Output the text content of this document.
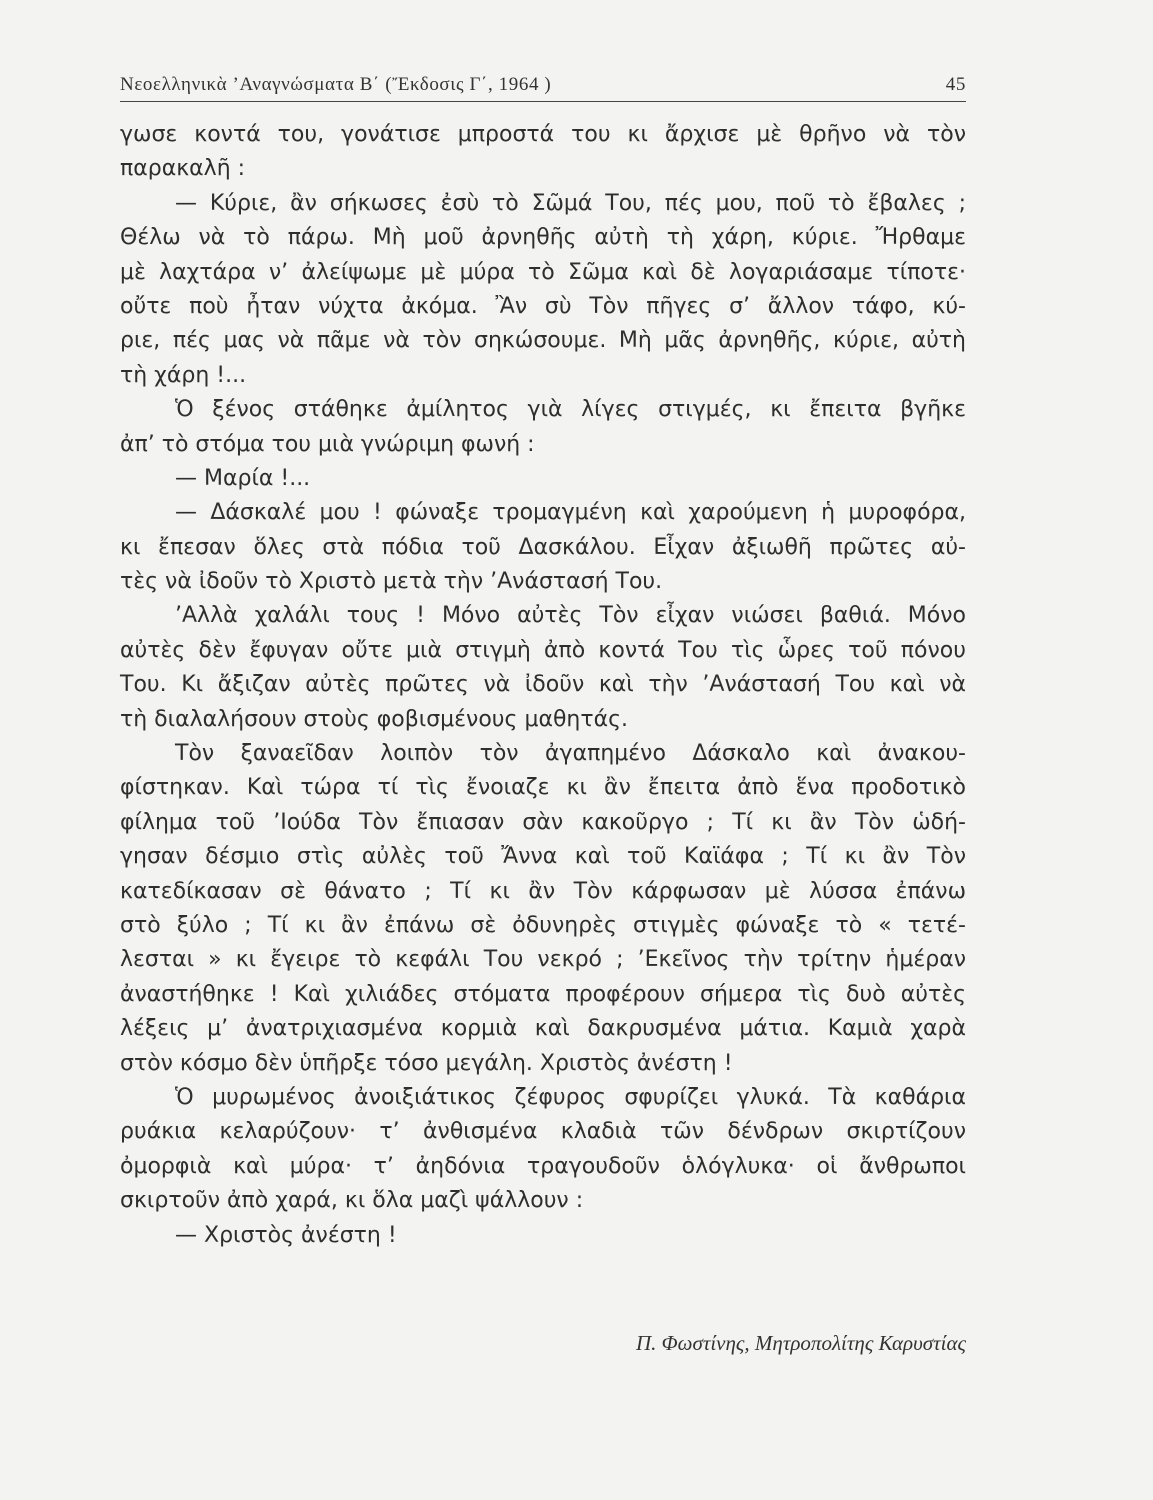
Νεοελληνικὰ ’Αναγνώσματα Β΄ (Ἔκδοσις Γ΄, 1964 )	45
γωσε κοντά του, γονάτισε μπροστά του κι ἄρχισε μὲ θρῆνο νὰ τὸν
παρακαλῆ :
— Κύριε, ἂν σήκωσες ἐσὺ τὸ Σῶμά Του, πές μου, ποῦ τὸ ἔβαλες ;
Θέλω νὰ τὸ πάρω. Μὴ μοῦ ἀρνηθῆς αὐτὴ τὴ χάρη, κύριε. Ἤρθαμε
μὲ λαχτάρα ν’ ἀλείψωμε μὲ μύρα τὸ Σῶμα καὶ δὲ λογαριάσαμε τίποτε·
οὔτε ποὺ ἦταν νύχτα ἀκόμα. Ἂν σὺ Τὸν πῆγες σ’ ἄλλον τάφο, κύ-
ριε, πές μας νὰ πᾶμε νὰ τὸν σηκώσουμε. Μὴ μᾶς ἀρνηθῆς, κύριε, αὐτὴ
τὴ χάρη !...
Ὁ ξένος στάθηκε ἀμίλητος γιὰ λίγες στιγμές, κι ἔπειτα βγῆκε
ἀπ’ τὸ στόμα του μιὰ γνώριμη φωνή :
— Μαρία !...
— Δάσκαλέ μου ! φώναξε τρομαγμένη καὶ χαρούμενη ἡ μυροφόρα,
κι ἔπεσαν ὅλες στὰ πόδια τοῦ Δασκάλου. Εἶχαν ἀξιωθῆ πρῶτες αὐ-
τὲς νὰ ἰδοῦν τὸ Χριστὸ μετὰ τὴν ’Ανάστασή Του.
’Αλλὰ χαλάλι τους ! Μόνο αὐτὲς Τὸν εἶχαν νιώσει βαθιά. Μόνο
αὐτὲς δὲν ἔφυγαν οὔτε μιὰ στιγμὴ ἀπὸ κοντά Του τὶς ὧρες τοῦ πόνου
Του. Κι ἄξιζαν αὐτὲς πρῶτες νὰ ἰδοῦν καὶ τὴν ’Ανάστασή Του καὶ νὰ
τὴ διαλαλήσουν στοὺς φοβισμένους μαθητάς.
Τὸν ξαναεῖδαν λοιπὸν τὸν ἀγαπημένο Δάσκαλο καὶ ἀνακου-
φίστηκαν. Καὶ τώρα τί τὶς ἔνοιαζε κι ἂν ἔπειτα ἀπὸ ἕνα προδοτικὸ
φίλημα τοῦ ’Ιούδα Τὸν ἔπιασαν σὰν κακοῦργο ; Τί κι ἂν Τὸν ὡδή-
γησαν δέσμιο στὶς αὐλὲς τοῦ Ἄννα καὶ τοῦ Καϊάφα ; Τί κι ἂν Τὸν
κατεδίκασαν σὲ θάνατο ; Τί κι ἂν Τὸν κάρφωσαν μὲ λύσσα ἐπάνω
στὸ ξύλο ; Τί κι ἂν ἐπάνω σὲ ὀδυνηρὲς στιγμὲς φώναξε τὸ « τετέ-
λεσται » κι ἔγειρε τὸ κεφάλι Του νεκρό ; ’Εκεῖνος τὴν τρίτην ἡμέραν
ἀναστήθηκε ! Καὶ χιλιάδες στόματα προφέρουν σήμερα τὶς δυὸ αὐτὲς
λέξεις μ’ ἀνατριχιασμένα κορμιὰ καὶ δακρυσμένα μάτια. Καμιὰ χαρὰ
στὸν κόσμο δὲν ὑπῆρξε τόσο μεγάλη. Χριστὸς ἀνέστη !
Ὁ μυρωμένος ἀνοιξιάτικος ζέφυρος σφυρίζει γλυκά. Τὰ καθάρια
ρυάκια κελαρύζουν· τ’ ἀνθισμένα κλαδιὰ τῶν δένδρων σκιρτίζουν
ὀμορφιὰ καὶ μύρα· τ’ ἀηδόνια τραγουδοῦν ὁλόγλυκα· οἱ ἄνθρωποι
σκιρτοῦν ἀπὸ χαρά, κι ὅλα μαζὶ ψάλλουν :
— Χριστὸς ἀνέστη !
Π. Φωστίνης, Μητροπολίτης Καρυστίας
